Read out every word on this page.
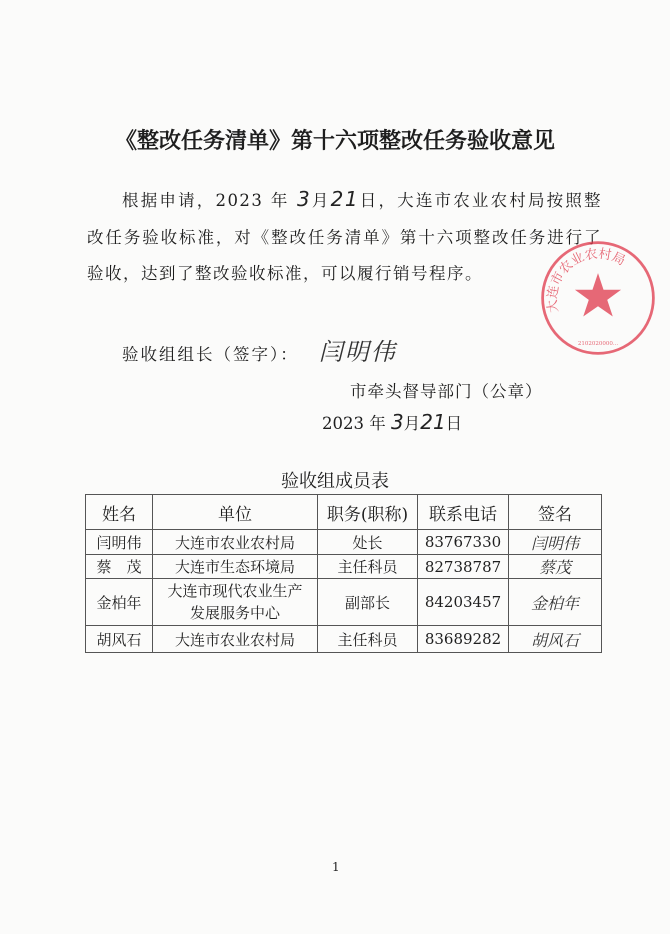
《整改任务清单》第十六项整改任务验收意见
根据申请，2023 年 3月21日，大连市农业农村局按照整改任务验收标准，对《整改任务清单》第十六项整改任务进行了验收，达到了整改验收标准，可以履行销号程序。
验收组组长（签字）： 闫明伟
大连市农业农村局
2102020000...
市牵头督导部门（公章）
2023 年 3月21日
验收组成员表
姓名	单位	职务(职称)	联系电话	签名
闫明伟	大连市农业农村局	处长	83767330	闫明伟
蔡　茂	大连市生态环境局	主任科员	82738787	蔡茂
金柏年	大连市现代农业生产发展服务中心	副部长	84203457	金柏年
胡风石	大连市农业农村局	主任科员	83689282	胡风石
1
